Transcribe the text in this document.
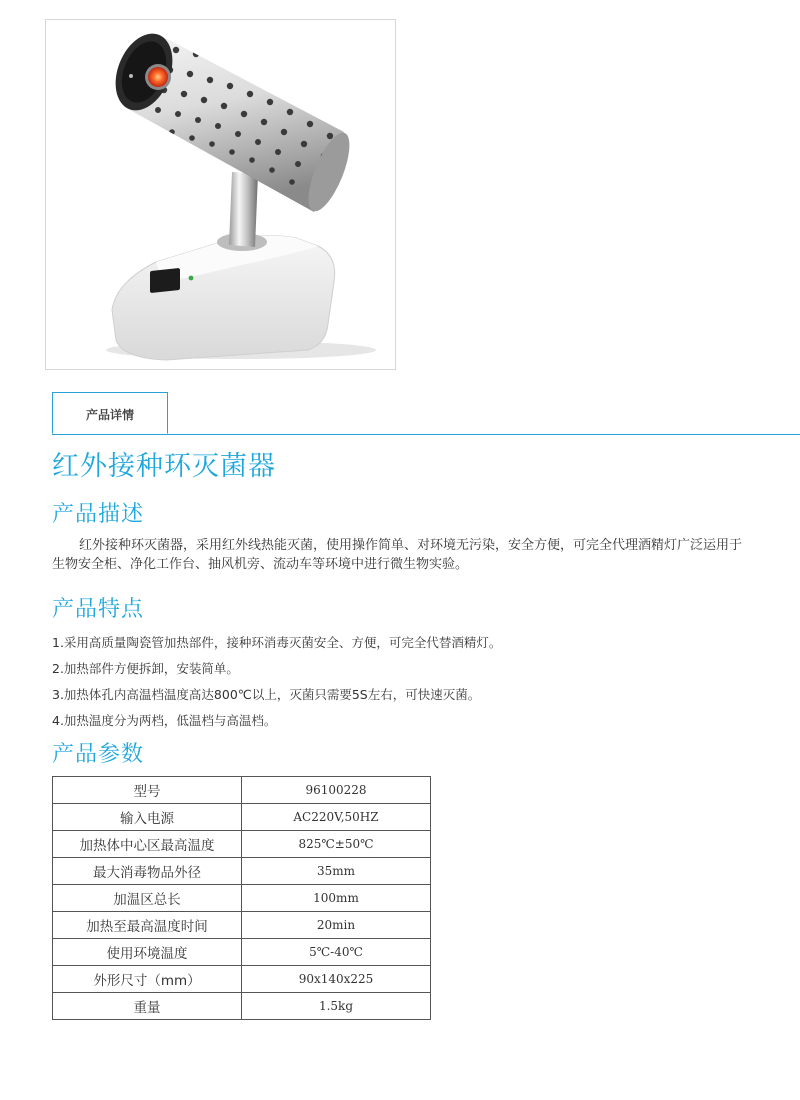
产品详情
红外接种环灭菌器
产品描述

红外接种环灭菌器，采用红外线热能灭菌，使用操作简单、对环境无污染，安全方便，可完全代理酒精灯广泛运用于生物安全柜、净化工作台、抽风机旁、流动车等环境中进行微生物实验。

产品特点

1.采用高质量陶瓷管加热部件，接种环消毒灭菌安全、方便，可完全代替酒精灯。

2.加热部件方便拆卸，安装简单。

3.加热体孔内高温档温度高达800℃以上，灭菌只需要5S左右，可快速灭菌。

4.加热温度分为两档，低温档与高温档。

产品参数
型号	96100228
输入电源	AC220V,50HZ
加热体中心区最高温度	825℃±50℃
最大消毒物品外径	35mm
加温区总长	100mm
加热至最高温度时间	20min
使用环境温度	5℃-40℃
外形尺寸（mm）	90x140x225
重量	1.5kg
